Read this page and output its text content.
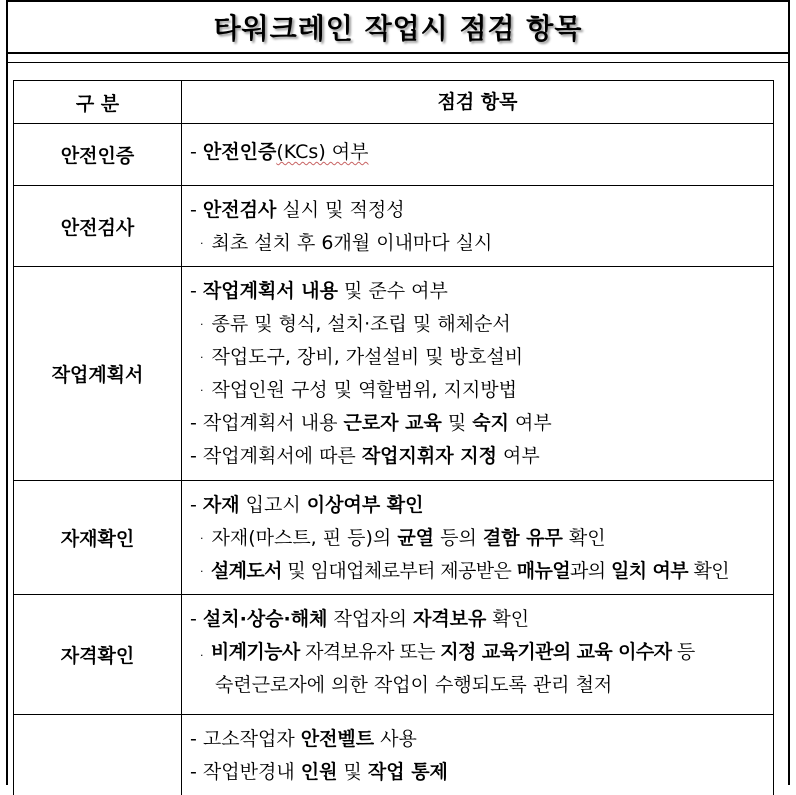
타워크레인 작업시 점검 항목
구 분	점검 항목
안전인증	- 안전인증(KCs) 여부
안전검사
- 안전검사 실시 및 적정성
· 최초 설치 후 6개월 이내마다 실시
작업계획서
- 작업계획서 내용 및 준수 여부
· 종류 및 형식, 설치·조립 및 해체순서
· 작업도구, 장비, 가설설비 및 방호설비
· 작업인원 구성 및 역할범위, 지지방법
- 작업계획서 내용 근로자 교육 및 숙지 여부
- 작업계획서에 따른 작업지휘자 지정 여부
자재확인
- 자재 입고시 이상여부 확인
· 자재(마스트, 핀 등)의 균열 등의 결함 유무 확인
· 설계도서 및 임대업체로부터 제공받은 매뉴얼과의 일치 여부 확인
자격확인
- 설치·상승·해체 작업자의 자격보유 확인
. 비계기능사 자격보유자 또는 지정 교육기관의 교육 이수자 등
숙련근로자에 의한 작업이 수행되도록 관리 철저
- 고소작업자 안전벨트 사용
- 작업반경내 인원 및 작업 통제
